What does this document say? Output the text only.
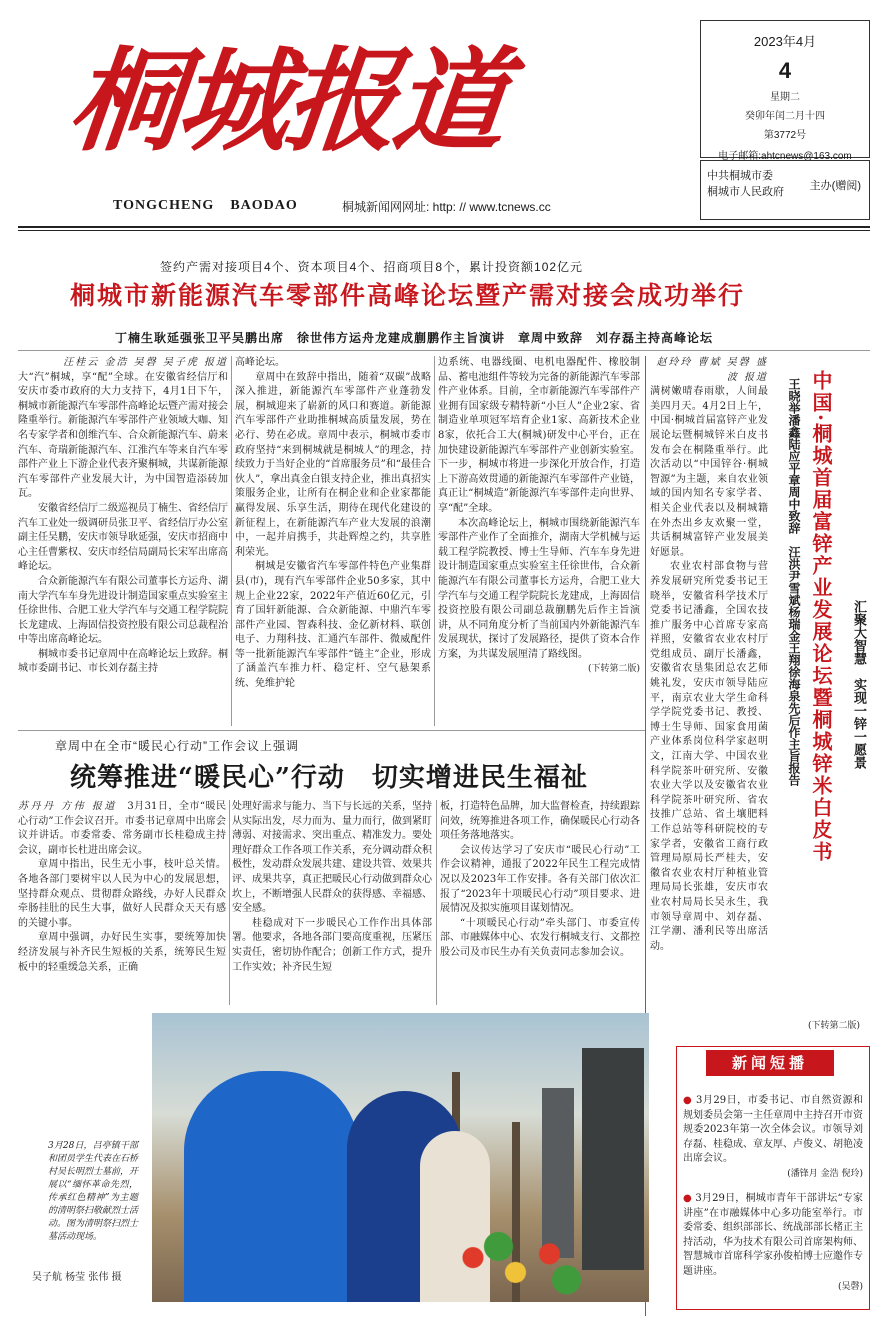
桐城报道
TONGCHENG BAODAO	桐城新闻网网址: http: // www.tcnews.cc
2023年4月
4
星期二
癸卯年闰二月十四
第3772号
电子邮箱:ahtcnews@163.com
中共桐城市委
桐城市人民政府	主办(赠阅)
签约产需对接项目4个、资本项目4个、招商项目8个，累计投资额102亿元
桐城市新能源汽车零部件高峰论坛暨产需对接会成功举行
丁楠生耿延强张卫平吴鹏出席　徐世伟方运舟龙建成蒯鹏作主旨演讲　章周中致辞　刘存磊主持高峰论坛
汪桂云 金浩 吴磬 吴子虎 报道

大“汽”桐城，享“配”全球。在安徽省经信厅和安庆市委市政府的大力支持下，4月1日下午，桐城市新能源汽车零部件高峰论坛暨产需对接会隆重举行。新能源汽车零部件产业领域大咖、知名专家学者和创维汽车、合众新能源汽车、蔚来汽车、奇瑞新能源汽车、江淮汽车等来自汽车零部件产业上下游企业代表齐聚桐城，共谋新能源汽车零部件产业发展大计，为中国智造添砖加瓦。

安徽省经信厅二级巡视员丁楠生、省经信厅汽车工业处一级调研员张卫平、省经信厅办公室副主任吴鹏，安庆市领导耿延强，安庆市招商中心主任曹紫权、安庆市经信局副局长宋军出席高峰论坛。

合众新能源汽车有限公司董事长方运舟、湖南大学汽车车身先进设计制造国家重点实验室主任徐世伟、合肥工业大学汽车与交通工程学院院长龙建成、上海固信投资控股有限公司总裁程治中等出席高峰论坛。

桐城市委书记章周中在高峰论坛上致辞。桐城市委副书记、市长刘存磊主持

高峰论坛。

章周中在致辞中指出，随着“双碳”战略深入推进，新能源汽车零部件产业蓬勃发展，桐城迎来了崭新的风口和赛道。新能源汽车零部件产业助推桐城高质量发展，势在必行、势在必成。章周中表示，桐城市委市政府坚持“来到桐城就是桐城人”的理念，持续致力于当好企业的“首席服务员”和“最佳合伙人”，拿出真金白银支持企业，推出真招实策服务企业，让所有在桐企业和企业家都能赢得发展、乐享生活，期待在现代化建设的新征程上，在新能源汽车产业大发展的浪潮中，一起并肩携手，共赴辉煌之约，共享胜利荣光。

桐城是安徽省汽车零部件特色产业集群县(市)，现有汽车零部件企业50多家，其中规上企业22家，2022年产值近60亿元，引育了国轩新能源、合众新能源、中鼎汽车零部件产业园、智森科技、金亿新材料、联创电子、力翔科技、汇通汽车部件、微威配件等一批新能源汽车零部件“链主”企业，形成了涵盖汽车推力杆、稳定杆、空气悬架系统、免维护轮

边系统、电器线圈、电机电器配件、橡胶制品、蓄电池组件等较为完备的新能源汽车零部件产业体系。目前，全市新能源汽车零部件产业拥有国家级专精特新“小巨人”企业2家、省制造业单项冠军培育企业1家、高新技术企业8家，依托合工大(桐城)研发中心平台，正在加快建设新能源汽车零部件产业创新实验室。下一步，桐城市将进一步深化开放合作，打造上下游高效贯通的新能源汽车零部件产业链，真正让“桐城造”新能源汽车零部件走向世界、享“配”全球。

本次高峰论坛上，桐城市围绕新能源汽车零部件产业作了全面推介，湖南大学机械与运载工程学院教授、博士生导师、汽车车身先进设计制造国家重点实验室主任徐世伟，合众新能源汽车有限公司董事长方运舟，合肥工业大学汽车与交通工程学院院长龙建成，上海固信投资控股有限公司副总裁蒯鹏先后作主旨演讲，从不同角度分析了当前国内外新能源汽车发展现状，探讨了发展路径，提供了资本合作方案，为共谋发展厘清了路线图。

(下转第二版)
赵玲玲 曹斌 吴磬 盛波 报道

满树嫩晴春雨歇，人间最美四月天。4月2日上午，中国·桐城首届富锌产业发展论坛暨桐城锌米白皮书发布会在桐隆重举行。此次活动以“中国锌谷·桐城智源”为主题，来自农业领域的国内知名专家学者、相关企业代表以及桐城籍在外杰出乡友欢聚一堂，共话桐城富锌产业发展美好愿景。

农业农村部食物与营养发展研究所党委书记王晓举，安徽省科学技术厅党委书记潘鑫，全国农技推广服务中心首席专家高祥照，安徽省农业农村厅党组成员、副厅长潘鑫，安徽省农垦集团总农艺师姚礼发，安庆市领导陆应平，南京农业大学生命科学学院党委书记、教授、博士生导师、国家食用菌产业体系岗位科学家赵明文，江南大学、中国农业科学院茶叶研究所、安徽农业大学以及安徽省农业科学院茶叶研究所、省农技推广总站、省土壤肥料工作总站等科研院校的专家学者，安徽省工商行政管理局原局长严桂夫，安徽省农业农村厅种植业管理局局长张雄，安庆市农业农村局局长吴永生，我市领导章周中、刘存磊、江学潮、潘利民等出席活动。

王晓举潘鑫陆应平章周中致辞　汪洪尹雪斌杨瑞金王翔徐海泉先后作主旨报告 中国·桐城首届富锌产业发展论坛暨桐城锌米白皮书
汇聚大智慧　实现一锌一愿景
(下转第二版)
章周中在全市“暖民心行动”工作会议上强调
统筹推进“暖民心”行动　切实增进民生福祉

苏丹丹 方伟 报道　 3月31日，全市“暖民心行动”工作会议召开。市委书记章周中出席会议并讲话。市委常委、常务副市长桂稳成主持会议，副市长杜进出席会议。

章周中指出，民生无小事，枝叶总关情。各地各部门要树牢以人民为中心的发展思想，坚持群众观点、贯彻群众路线，办好人民群众牵肠挂肚的民生大事，做好人民群众天天有感的关键小事。

章周中强调，办好民生实事，要统筹加快经济发展与补齐民生短板的关系，统筹民生短板中的轻重缓急关系，正确

处理好需求与能力、当下与长远的关系，坚持从实际出发，尽力而为、量力而行，做到紧盯薄弱、对接需求、突出重点、精准发力。要处理好群众工作各项工作关系，充分调动群众积极性，发动群众发展共建、建设共管、效果共评、成果共享，真正把暖民心行动做到群众心坎上，不断增强人民群众的获得感、幸福感、安全感。

桂稳成对下一步暖民心工作作出具体部署。他要求，各地各部门要高度重视，压紧压实责任，密切协作配合；创新工作方式，提升工作实效；补齐民生短

板，打造特色品牌，加大监督检查，持续跟踪问效，统筹推进各项工作，确保暖民心行动各项任务落地落实。

会议传达学习了安庆市“暖民心行动”工作会议精神，通报了2022年民生工程完成情况以及2023年工作安排。各有关部门依次汇报了“2023年十项暖民心行动”项目要求、进展情况及拟实施项目谋划情况。

“十项暖民心行动”牵头部门、市委宣传部、市融媒体中心、农发行桐城支行、文都控股公司及市民生办有关负责同志参加会议。

3月28日，吕亭镇干部和团员学生代表在石桥村吴长明烈士墓前，开展以“缅怀革命先烈，传承红色精神”为主题的清明祭扫敬献烈士活动。图为清明祭扫烈士墓活动现场。
吴子航 杨莹 张伟 摄
新闻短播
● 3月29日，市委书记、市自然资源和规划委员会第一主任章周中主持召开市资规委2023年第一次全体会议。市领导刘存磊、桂稳成、章友厚、卢俊义、胡艳凌出席会议。
(潘锋月 金浩 倪玲)
● 3月29日，桐城市青年干部讲坛“专家讲座”在市融媒体中心多功能室举行。市委常委、组织部部长、统战部部长楮正主持活动，华为技术有限公司首席架构师、智慧城市首席科学家孙俊柏博士应邀作专题讲座。
(吴磬)
